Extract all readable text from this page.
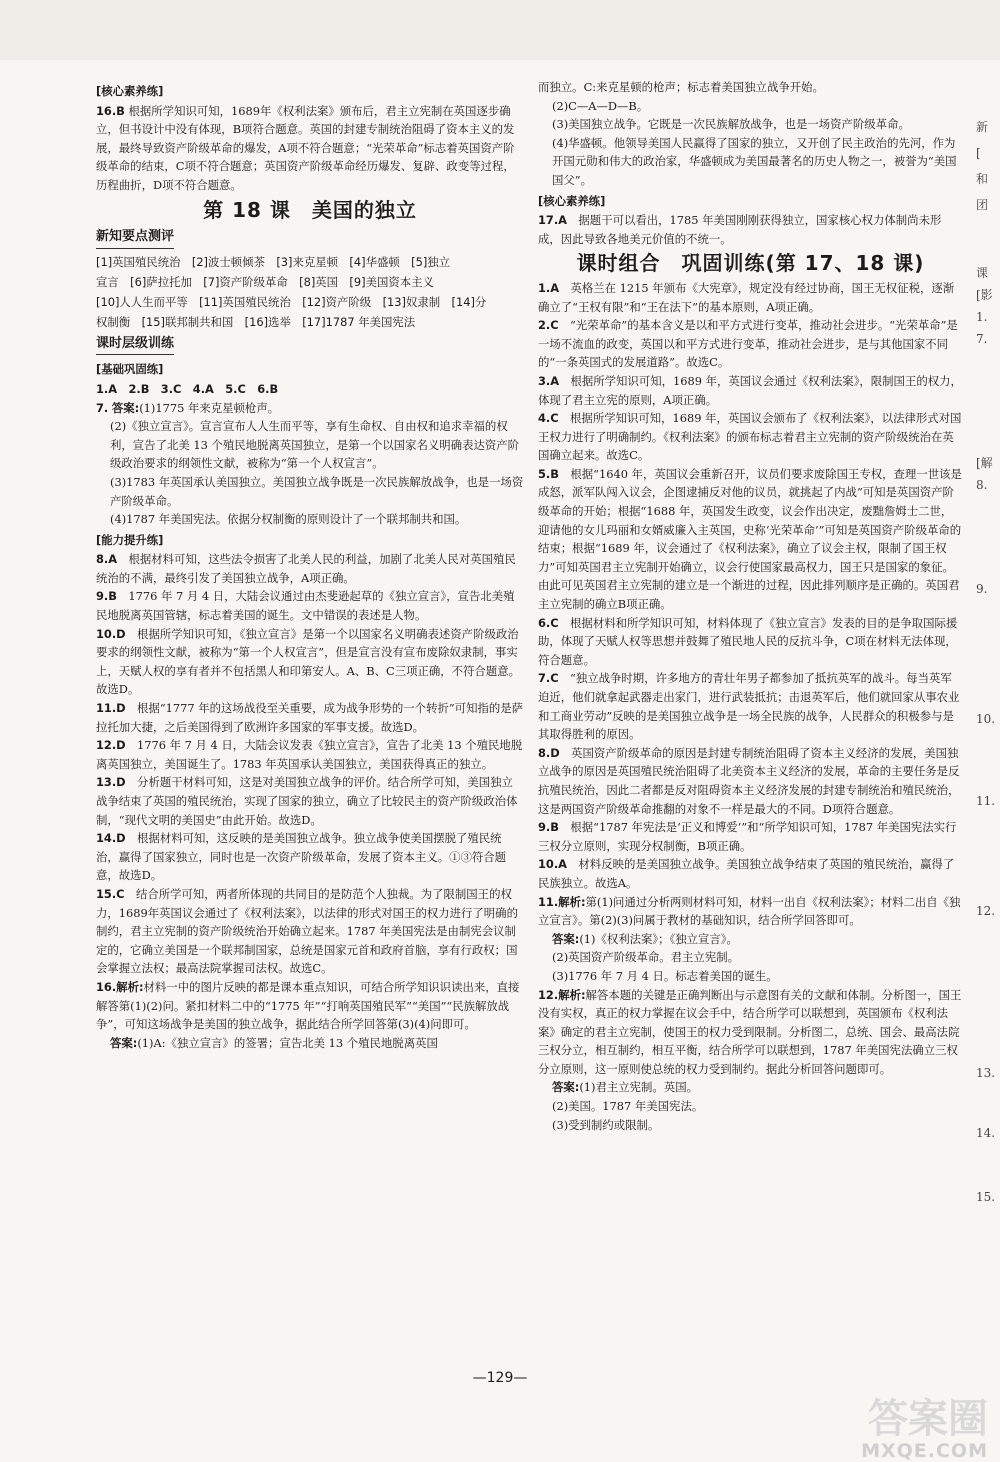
[核心素养练]

16.B 根据所学知识可知，1689年《权利法案》颁布后，君主立宪制在英国逐步确立，但书设计中没有体现，B项符合题意。英国的封建专制统治阻碍了资本主义的发展，最终导致资产阶级革命的爆发，A项不符合题意；“光荣革命”标志着英国资产阶级革命的结束，C项不符合题意；英国资产阶级革命经历爆发、复辟、政变等过程，历程曲折，D项不符合题意。

第 18 课　美国的独立
新知要点测评

[1]英国殖民统治　[2]波士顿倾茶　[3]来克星顿　[4]华盛顿　[5]独立

宣言　[6]萨拉托加　[7]资产阶级革命　[8]英国　[9]美国资本主义

[10]人人生而平等　[11]英国殖民统治　[12]资产阶级　[13]奴隶制　[14]分

权制衡　[15]联邦制共和国　[16]选举　[17]1787 年美国宪法

课时层级训练
[基础巩固练]

1.A　2.B　3.C　4.A　5.C　6.B

7. 答案:(1)1775 年来克星顿枪声。

(2)《独立宣言》。宣言宣布人人生而平等，享有生命权、自由权和追求幸福的权利，宣告了北美 13 个殖民地脱离英国独立，是第一个以国家名义明确表达资产阶级政治要求的纲领性文献，被称为“第一个人权宣言”。

(3)1783 年英国承认美国独立。美国独立战争既是一次民族解放战争，也是一场资产阶级革命。

(4)1787 年美国宪法。依据分权制衡的原则设计了一个联邦制共和国。

[能力提升练]

8.A　 根据材料可知，这些法令损害了北美人民的利益，加剧了北美人民对英国殖民统治的不满，最终引发了美国独立战争，A项正确。

9.B　 1776 年 7 月 4 日，大陆会议通过由杰斐逊起草的《独立宣言》，宣告北美殖民地脱离英国管辖，标志着美国的诞生。文中错误的表述是人物。

10.D　 根据所学知识可知，《独立宣言》是第一个以国家名义明确表述资产阶级政治要求的纲领性文献，被称为“第一个人权宣言”，但是宣言没有宣布废除奴隶制，事实上，天赋人权的享有者并不包括黑人和印第安人。A、B、C三项正确，不符合题意。故选D。

11.D　 根据“1777 年的这场战役至关重要，成为战争形势的一个转折”可知指的是萨拉托加大捷，之后美国得到了欧洲许多国家的军事支援。故选D。

12.D　 1776 年 7 月 4 日，大陆会议发表《独立宣言》，宣告了北美 13 个殖民地脱离英国独立，美国诞生了。1783 年英国承认美国独立，美国获得真正的独立。

13.D　 分析题干材料可知，这是对美国独立战争的评价。结合所学可知，美国独立战争结束了英国的殖民统治，实现了国家的独立，确立了比较民主的资产阶级政治体制，“现代文明的美国史”由此开始。故选D。

14.D　 根据材料可知，这反映的是美国独立战争。独立战争使美国摆脱了殖民统治，赢得了国家独立，同时也是一次资产阶级革命，发展了资本主义。①③符合题意，故选D。

15.C　 结合所学可知，两者所体现的共同目的是防范个人独裁。为了限制国王的权力，1689年英国议会通过了《权利法案》，以法律的形式对国王的权力进行了明确的制约，君主立宪制的资产阶级统治开始确立起来。1787 年美国宪法是由制宪会议制定的，它确立美国是一个联邦制国家，总统是国家元首和政府首脑，享有行政权；国会掌握立法权；最高法院掌握司法权。故选C。

16.解析:材料一中的图片反映的都是课本重点知识，可结合所学知识识读出来，直接解答第(1)(2)问。紧扣材料二中的“1775 年”“打响英国殖民军”“美国”“民族解放战争”，可知这场战争是美国的独立战争，据此结合所学回答第(3)(4)问即可。

答案:(1)A:《独立宣言》的签署；宣告北美 13 个殖民地脱离英国

而独立。C:来克星顿的枪声；标志着美国独立战争开始。

(2)C—A—D—B。

(3)美国独立战争。它既是一次民族解放战争，也是一场资产阶级革命。

(4)华盛顿。他领导美国人民赢得了国家的独立，又开创了民主政治的先河，作为开国元勋和伟大的政治家，华盛顿成为美国最著名的历史人物之一，被誉为“美国国父”。

[核心素养练]

17.A　 据题干可以看出，1785 年美国刚刚获得独立，国家核心权力体制尚未形成，因此导致各地美元价值的不统一。

课时组合　巩固训练(第 17、18 课)

1.A　 英格兰在 1215 年颁布《大宪章》，规定没有经过协商，国王无权征税，逐渐确立了“王权有限”和“王在法下”的基本原则，A项正确。

2.C　 “光荣革命”的基本含义是以和平方式进行变革，推动社会进步。“光荣革命”是一场不流血的政变，英国以和平方式进行变革，推动社会进步，是与其他国家不同的“一条英国式的发展道路”。故选C。

3.A　 根据所学知识可知，1689 年，英国议会通过《权利法案》，限制国王的权力，体现了君主立宪的原则，A项正确。

4.C　 根据所学知识可知，1689 年，英国议会颁布了《权利法案》，以法律形式对国王权力进行了明确制约。《权利法案》的颁布标志着君主立宪制的资产阶级统治在英国确立起来。故选C。

5.B　 根据“1640 年，英国议会重新召开，议员们要求废除国王专权，查理一世该是成怒，派军队闯入议会，企图逮捕反对他的议员，就挑起了内战”可知是英国资产阶级革命的开始；根据“1688 年，英国发生政变，议会作出决定，废黜詹姆士二世，迎请他的女儿玛丽和女婿威廉入主英国，史称‘光荣革命’”可知是英国资产阶级革命的结束；根据“1689 年，议会通过了《权利法案》，确立了议会主权，限制了国王权力”可知英国君主立宪制开始确立，议会行使国家最高权力，国王只是国家的象征。由此可见英国君主立宪制的建立是一个渐进的过程，因此排列顺序是正确的。英国君主立宪制的确立B项正确。

6.C　 根据材料和所学知识可知，材料体现了《独立宣言》发表的目的是争取国际援助，体现了天赋人权等思想并鼓舞了殖民地人民的反抗斗争，C项在材料无法体现，符合题意。

7.C　 “独立战争时期，许多地方的青壮年男子都参加了抵抗英军的战斗。每当英军迫近，他们就拿起武器走出家门，进行武装抵抗；击退英军后，他们就回家从事农业和工商业劳动”反映的是美国独立战争是一场全民族的战争，人民群众的积极参与是其取得胜利的原因。

8.D　 英国资产阶级革命的原因是封建专制统治阻碍了资本主义经济的发展，美国独立战争的原因是英国殖民统治阻碍了北美资本主义经济的发展，革命的主要任务是反抗殖民统治，因此二者都是反对阻碍资本主义经济发展的封建专制统治和殖民统治，这是两国资产阶级革命推翻的对象不一样是最大的不同。D项符合题意。

9.B　 根据“1787 年宪法是‘正义和博爱’”和“所学知识可知，1787 年美国宪法实行三权分立原则，实现分权制衡，B项正确。

10.A　 材料反映的是美国独立战争。美国独立战争结束了英国的殖民统治，赢得了民族独立。故选A。

11.解析:第(1)问通过分析两则材料可知，材料一出自《权利法案》；材料二出自《独立宣言》。第(2)(3)问属于教材的基础知识，结合所学回答即可。

答案:(1)《权利法案》；《独立宣言》。

(2)英国资产阶级革命。君主立宪制。

(3)1776 年 7 月 4 日。标志着美国的诞生。

12.解析:解答本题的关键是正确判断出与示意图有关的文献和体制。分析图一，国王没有实权，真正的权力掌握在议会手中，结合所学可以联想到，英国颁布《权利法案》确定的君主立宪制，使国王的权力受到限制。分析图二，总统、国会、最高法院三权分立，相互制约，相互平衡，结合所学可以联想到，1787 年美国宪法确立三权分立原则，这一原则使总统的权力受到制约。据此分析回答问题即可。

答案:(1)君主立宪制。英国。

(2)美国。1787 年美国宪法。

(3)受到制约或限制。

新
[
和
团
课
[影
1.
7.
[解
8.
9.
10.
11.
12.
13.
14.
15.
—129—
答案圈
MXQE.COM
